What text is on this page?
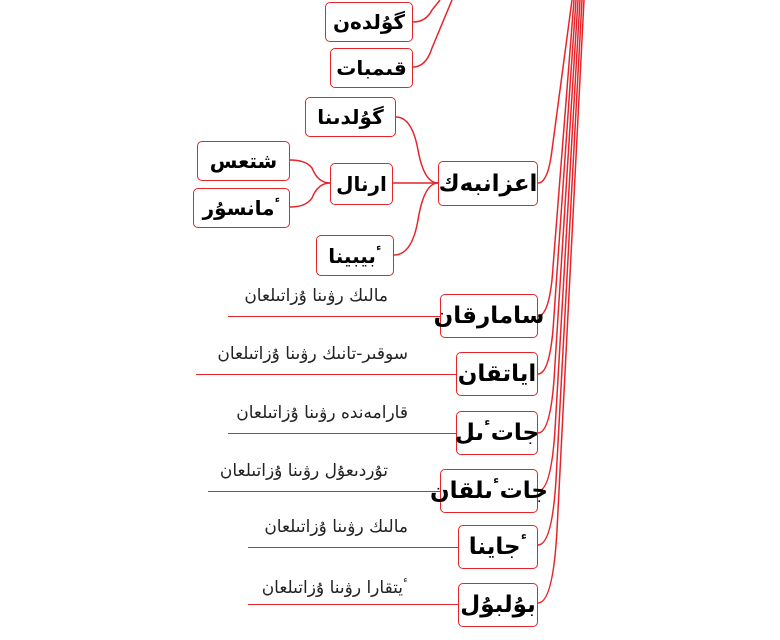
گ‍ۇلدەن
قىمبات
گ‍ۇلدىنا
شتعس
ارنال
ٴمانسۇر
ٴبيبينا
اعزانبەك
مالىك رۋىنا ۇزاتىلعان
سامارقان
سوقىر-تانىك رۋىنا ۇزاتىلعان
اياتقان
قارامەندە رۋىنا ۇزاتىلعان
جاتٴىل
تۇردىعۇل رۋىنا ۇزاتىلعان
جاتٴىلقان
مالىك رۋىنا ۇزاتىلعان
ٴجاينا
ٴيتقارا رۋىنا ۇزاتىلعان
بۇلبۇل
